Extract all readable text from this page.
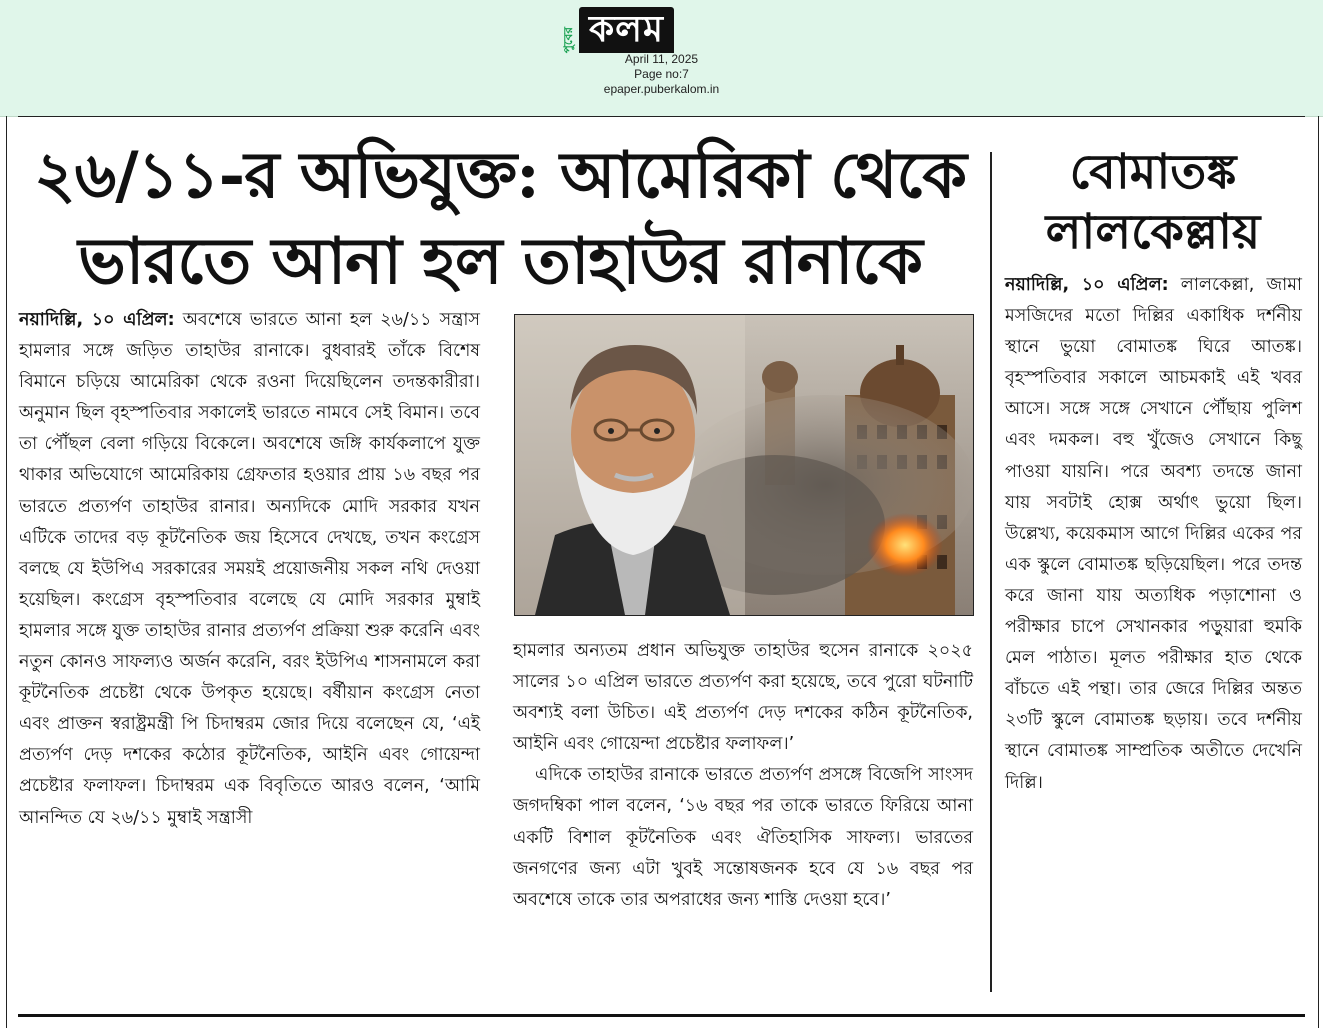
পুবের কলম
April 11, 2025
Page no:7
epaper.puberkalom.in
২৬/১১-র অভিযুক্ত: আমেরিকা থেকে
ভারতে আনা হল তাহাউর রানাকে

নয়াদিল্লি, ১০ এপ্রিল: অবশেষে ভারতে আনা হল ২৬/১১ সন্ত্রাস হামলার সঙ্গে জড়িত তাহাউর রানাকে। বুধবারই তাঁকে বিশেষ বিমানে চড়িয়ে আমেরিকা থেকে রওনা দিয়েছিলেন তদন্তকারীরা। অনুমান ছিল বৃহস্পতিবার সকালেই ভারতে নামবে সেই বিমান। তবে তা পৌঁছল বেলা গড়িয়ে বিকেলে। অবশেষে জঙ্গি কার্যকলাপে যুক্ত থাকার অভিযোগে আমেরিকায় গ্রেফতার হওয়ার প্রায় ১৬ বছর পর ভারতে প্রত্যর্পণ তাহাউর রানার। অন্যদিকে মোদি সরকার যখন এটিকে তাদের বড় কূটনৈতিক জয় হিসেবে দেখছে, তখন কংগ্রেস বলছে যে ইউপিএ সরকারের সময়ই প্রয়োজনীয় সকল নথি দেওয়া হয়েছিল। কংগ্রেস বৃহস্পতিবার বলেছে যে মোদি সরকার মুম্বাই হামলার সঙ্গে যুক্ত তাহাউর রানার প্রত্যর্পণ প্রক্রিয়া শুরু করেনি এবং নতুন কোনও সাফল্যও অর্জন করেনি, বরং ইউপিএ শাসনামলে করা কূটনৈতিক প্রচেষ্টা থেকে উপকৃত হয়েছে। বর্ষীয়ান কংগ্রেস নেতা এবং প্রাক্তন স্বরাষ্ট্রমন্ত্রী পি চিদাম্বরম জোর দিয়ে বলেছেন যে, ‘এই প্রত্যর্পণ দেড় দশকের কঠোর কূটনৈতিক, আইনি এবং গোয়েন্দা প্রচেষ্টার ফলাফল। চিদাম্বরম এক বিবৃতিতে আরও বলেন, ‘আমি আনন্দিত যে ২৬/১১ মুম্বাই সন্ত্রাসী

হামলার অন্যতম প্রধান অভিযুক্ত তাহাউর হুসেন রানাকে ২০২৫ সালের ১০ এপ্রিল ভারতে প্রত্যর্পণ করা হয়েছে, তবে পুরো ঘটনাটি অবশ্যই বলা উচিত। এই প্রত্যর্পণ দেড় দশকের কঠিন কূটনৈতিক, আইনি এবং গোয়েন্দা প্রচেষ্টার ফলাফল।’

এদিকে তাহাউর রানাকে ভারতে প্রত্যর্পণ প্রসঙ্গে বিজেপি সাংসদ জগদম্বিকা পাল বলেন, ‘১৬ বছর পর তাকে ভারতে ফিরিয়ে আনা একটি বিশাল কূটনৈতিক এবং ঐতিহাসিক সাফল্য। ভারতের জনগণের জন্য এটা খুবই সন্তোষজনক হবে যে ১৬ বছর পর অবশেষে তাকে তার অপরাধের জন্য শাস্তি দেওয়া হবে।’

বোমাতঙ্ক
লালকেল্লায়

নয়াদিল্লি, ১০ এপ্রিল: লালকেল্লা, জামা মসজিদের মতো দিল্লির একাধিক দর্শনীয় স্থানে ভুয়ো বোমাতঙ্ক ঘিরে আতঙ্ক। বৃহস্পতিবার সকালে আচমকাই এই খবর আসে। সঙ্গে সঙ্গে সেখানে পৌঁছায় পুলিশ এবং দমকল। বহু খুঁজেও সেখানে কিছু পাওয়া যায়নি। পরে অবশ্য তদন্তে জানা যায় সবটাই হোক্স অর্থাৎ ভুয়ো ছিল। উল্লেখ্য, কয়েকমাস আগে দিল্লির একের পর এক স্কুলে বোমাতঙ্ক ছড়িয়েছিল। পরে তদন্ত করে জানা যায় অত্যধিক পড়াশোনা ও পরীক্ষার চাপে সেখানকার পড়ুয়ারা হুমকি মেল পাঠাত। মূলত পরীক্ষার হাত থেকে বাঁচতে এই পন্থা। তার জেরে দিল্লির অন্তত ২৩টি স্কুলে বোমাতঙ্ক ছড়ায়। তবে দর্শনীয় স্থানে বোমাতঙ্ক সাম্প্রতিক অতীতে দেখেনি দিল্লি।
